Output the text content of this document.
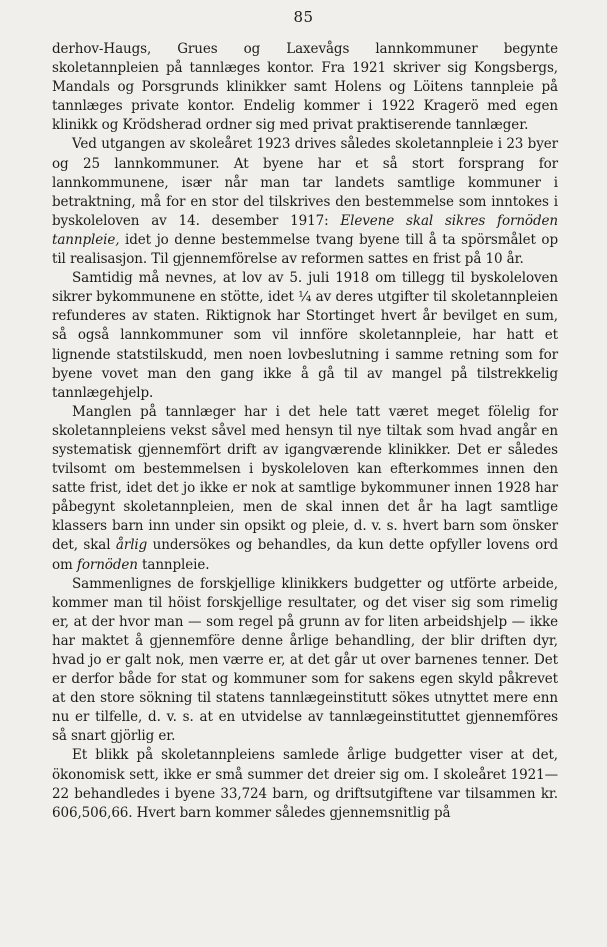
85

derhov-Haugs, Grues og Laxevågs lannkommuner begynte skoletannpleien på tannlæges kontor. Fra 1921 skriver sig Kongsbergs, Mandals og Porsgrunds klinikker samt Holens og Löitens tannpleie på tannlæges private kontor. Endelig kommer i 1922 Kragerö med egen klinikk og Krödsherad ordner sig med privat praktiserende tannlæger.

Ved utgangen av skoleåret 1923 drives således skoletannpleie i 23 byer og 25 lannkommuner. At byene har et så stort forsprang for lannkommunene, især når man tar landets samtlige kommuner i betraktning, må for en stor del tilskrives den bestemmelse som inntokes i byskoleloven av 14. desember 1917: Elevene skal sikres fornöden tannpleie, idet jo denne bestemmelse tvang byene till å ta spörsmålet op til realisasjon. Til gjennemförelse av reformen sattes en frist på 10 år.

Samtidig må nevnes, at lov av 5. juli 1918 om tillegg til byskoleloven sikrer bykommunene en stötte, idet ¼ av deres utgifter til skoletannpleien refunderes av staten. Riktignok har Stortinget hvert år bevilget en sum, så også lannkommuner som vil innföre skoletannpleie, har hatt et lignende statstilskudd, men noen lovbeslutning i samme retning som for byene vovet man den gang ikke å gå til av mangel på tilstrekkelig tannlægehjelp.

Manglen på tannlæger har i det hele tatt været meget fölelig for skoletannpleiens vekst såvel med hensyn til nye tiltak som hvad angår en systematisk gjennemfört drift av igangværende klinikker. Det er således tvilsomt om bestemmelsen i byskoleloven kan efterkommes innen den satte frist, idet det jo ikke er nok at samtlige bykommuner innen 1928 har påbegynt skoletannpleien, men de skal innen det år ha lagt samtlige klassers barn inn under sin opsikt og pleie, d. v. s. hvert barn som önsker det, skal årlig undersökes og behandles, da kun dette opfyller lovens ord om fornöden tannpleie.

Sammenlignes de forskjellige klinikkers budgetter og utförte arbeide, kommer man til höist forskjellige resultater, og det viser sig som rimelig er, at der hvor man — som regel på grunn av for liten arbeidshjelp — ikke har maktet å gjennemföre denne årlige behandling, der blir driften dyr, hvad jo er galt nok, men værre er, at det går ut over barnenes tenner. Det er derfor både for stat og kommuner som for sakens egen skyld påkrevet at den store sökning til statens tannlægeinstitutt sökes utnyttet mere enn nu er tilfelle, d. v. s. at en utvidelse av tannlægeinstituttet gjennemföres så snart gjörlig er.

Et blikk på skoletannpleiens samlede årlige budgetter viser at det, ökonomisk sett, ikke er små summer det dreier sig om. I skoleåret 1921—22 behandledes i byene 33,724 barn, og driftsutgiftene var tilsammen kr. 606,506,66. Hvert barn kommer således gjennemsnitlig på
